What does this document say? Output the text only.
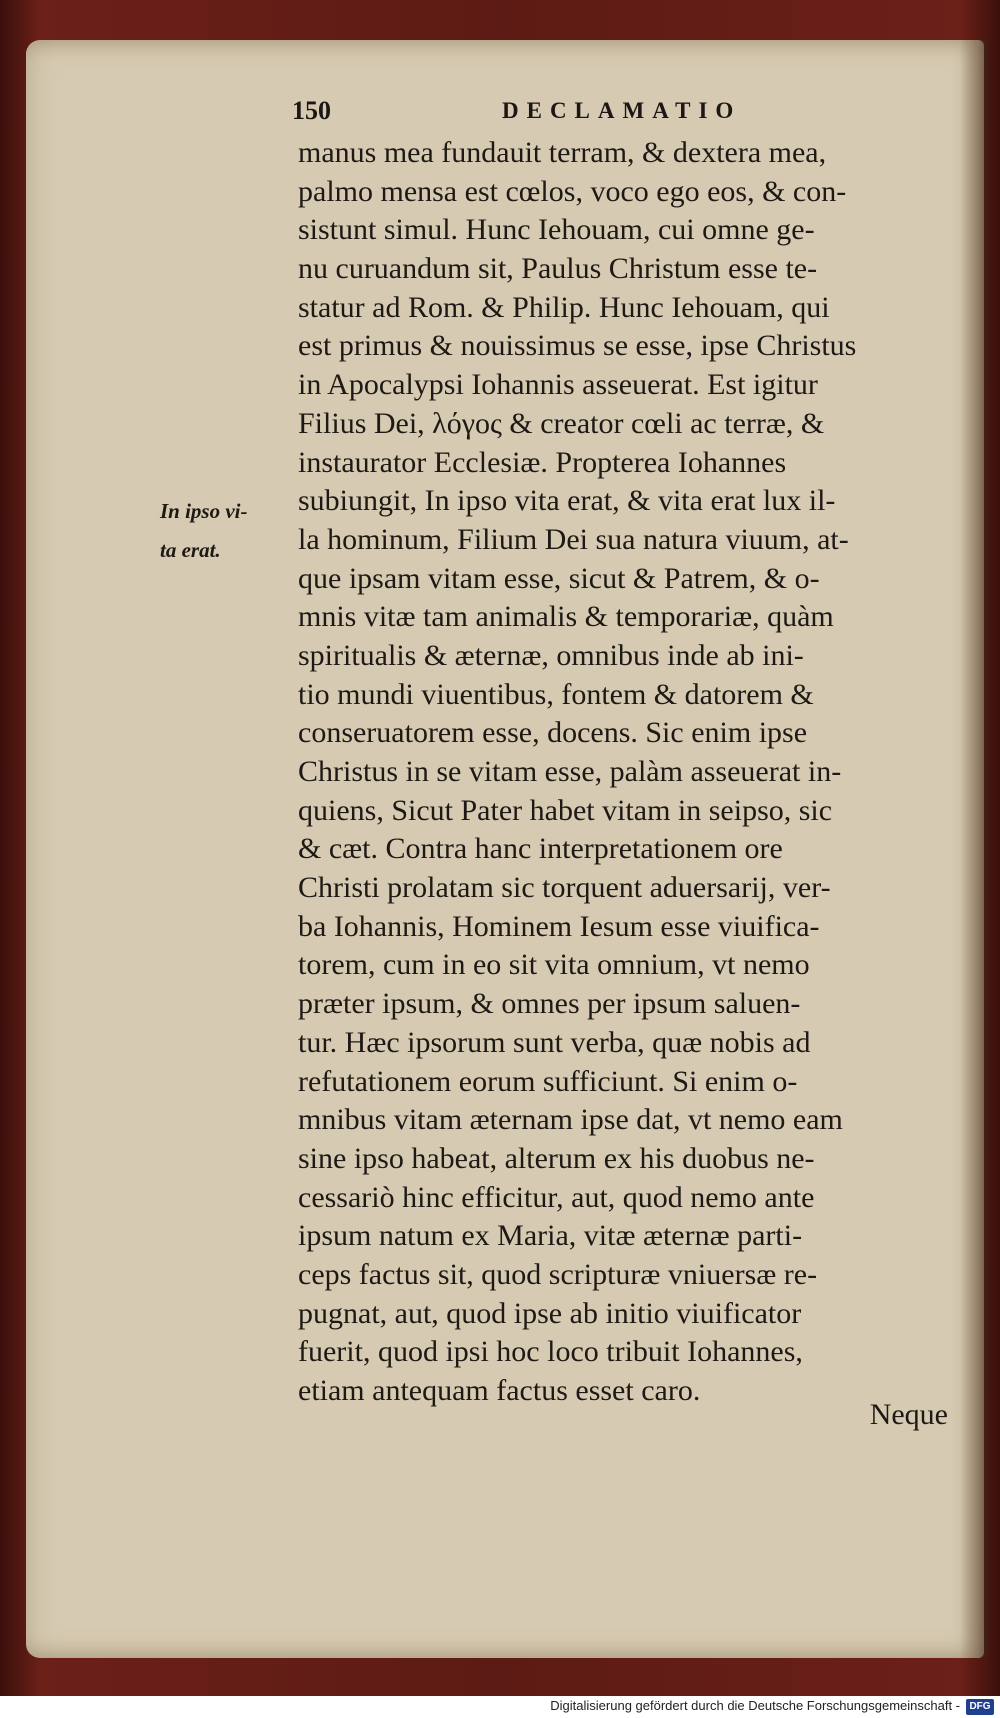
150	DECLAMATIO
In ipso vi-
ta erat.
manus mea fundauit terram, & dextera mea,
palmo mensa est cœlos, voco ego eos, & con-
sistunt simul. Hunc Iehouam, cui omne ge-
nu curuandum sit, Paulus Christum esse te-
statur ad Rom. & Philip. Hunc Iehouam, qui
est primus & nouissimus se esse, ipse Christus
in Apocalypsi Iohannis asseuerat. Est igitur
Filius Dei, λόγος & creator cœli ac terræ, &
instaurator Ecclesiæ. Propterea Iohannes
subiungit, In ipso vita erat, & vita erat lux il-
la hominum, Filium Dei sua natura viuum, at-
que ipsam vitam esse, sicut & Patrem, & o-
mnis vitæ tam animalis & temporariæ, quàm
spiritualis & æternæ, omnibus inde ab ini-
tio mundi viuentibus, fontem & datorem &
conseruatorem esse, docens. Sic enim ipse
Christus in se vitam esse, palàm asseuerat in-
quiens, Sicut Pater habet vitam in seipso, sic
& cæt. Contra hanc interpretationem ore
Christi prolatam sic torquent aduersarij, ver-
ba Iohannis, Hominem Iesum esse viuifica-
torem, cum in eo sit vita omnium, vt nemo
præter ipsum, & omnes per ipsum saluen-
tur. Hæc ipsorum sunt verba, quæ nobis ad
refutationem eorum sufficiunt. Si enim o-
mnibus vitam æternam ipse dat, vt nemo eam
sine ipso habeat, alterum ex his duobus ne-
cessariò hinc efficitur, aut, quod nemo ante
ipsum natum ex Maria, vitæ æternæ parti-
ceps factus sit, quod scripturæ vniuersæ re-
pugnat, aut, quod ipse ab initio viuificator
fuerit, quod ipsi hoc loco tribuit Iohannes,
etiam antequam factus esset caro.
Neque
Digitalisierung gefördert durch die Deutsche Forschungsgemeinschaft - DFG
